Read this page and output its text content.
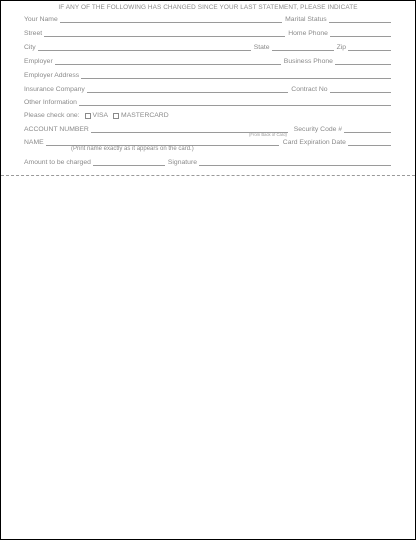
IF ANY OF THE FOLLOWING HAS CHANGED SINCE YOUR LAST STATEMENT, PLEASE INDICATE
Your Name	Marital Status
Street	Home Phone
City	State	Zip
Employer	Business Phone
Employer Address
Insurance Company	Contract No
Other Information
Please check one: VISA MASTERCARD
ACCOUNT NUMBER	Security Code #
(From Back of Card)
NAME	Card Expiration Date
(Print name exactly as it appears on the card.)
Amount to be charged	Signature
